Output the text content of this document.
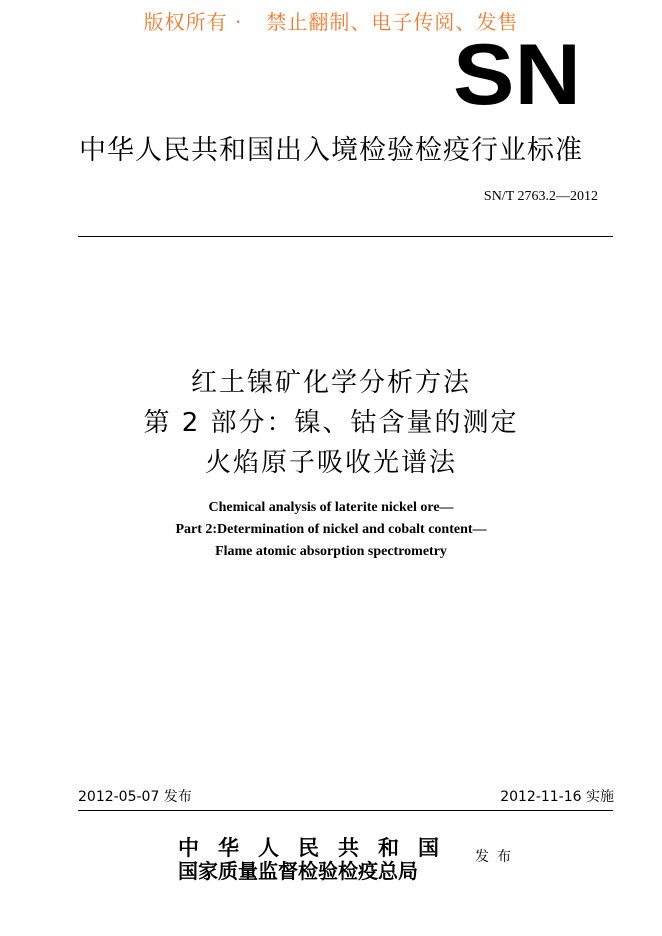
版权所有 · 禁止翻制、电子传阅、发售
SN
中华人民共和国出入境检验检疫行业标准
SN/T 2763.2—2012
红土镍矿化学分析方法
第 2 部分：镍、钴含量的测定
火焰原子吸收光谱法
Chemical analysis of laterite nickel ore—
Part 2:Determination of nickel and cobalt content—
Flame atomic absorption spectrometry
2012-05-07 发布	2012-11-16 实施
中华人民共和国
国家质量监督检验检疫总局
发布
